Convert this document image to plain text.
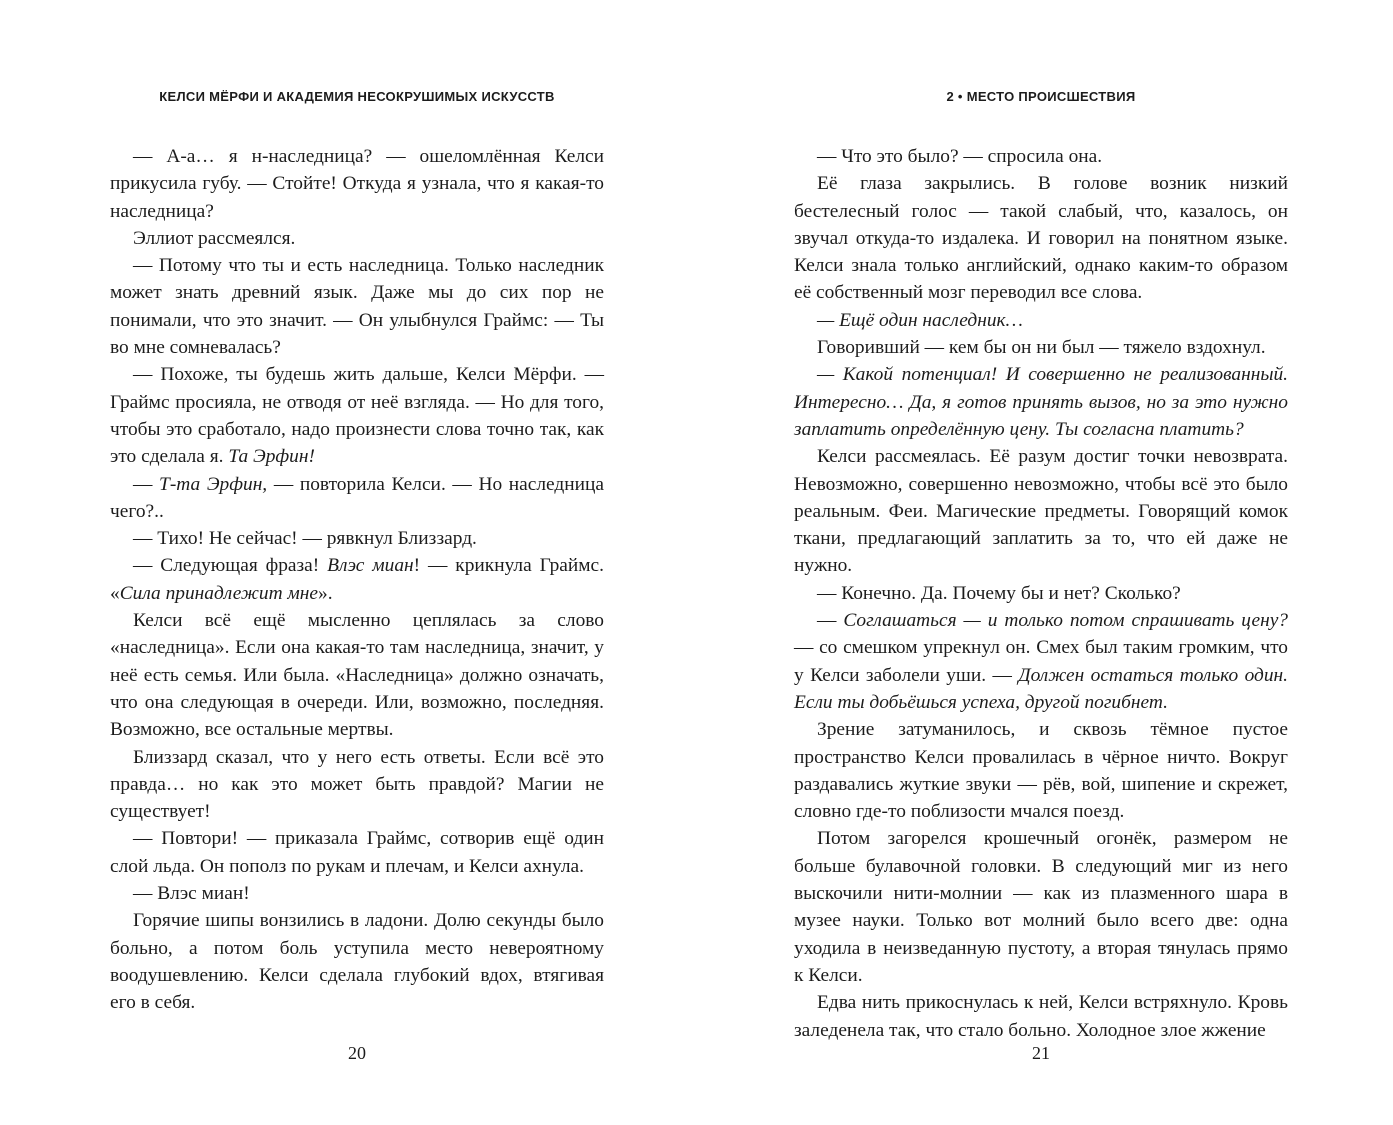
КЕЛСИ МЁРФИ И АКАДЕМИЯ НЕСОКРУШИМЫХ ИСКУССТВ

— А-а… я н-наследница? — ошеломлённая Келси прикусила губу. — Стойте! Откуда я узнала, что я какая-то наследница?

Эллиот рассмеялся.

— Потому что ты и есть наследница. Только наследник может знать древний язык. Даже мы до сих пор не понимали, что это значит. — Он улыбнулся Граймс: — Ты во мне сомневалась?

— Похоже, ты будешь жить дальше, Келси Мёрфи. — Граймс просияла, не отводя от неё взгляда. — Но для того, чтобы это сработало, надо произнести слова точно так, как это сделала я. Та Эрфин!

— Т-та Эрфин, — повторила Келси. — Но наследница чего?..

— Тихо! Не сейчас! — рявкнул Близзард.

— Следующая фраза! Влэс миан! — крикнула Граймс. «Сила принадлежит мне».

Келси всё ещё мысленно цеплялась за слово «наследница». Если она какая-то там наследница, значит, у неё есть семья. Или была. «Наследница» должно означать, что она следующая в очереди. Или, возможно, последняя. Возможно, все остальные мертвы.

Близзард сказал, что у него есть ответы. Если всё это правда… но как это может быть правдой? Магии не существует!

— Повтори! — приказала Граймс, сотворив ещё один слой льда. Он пополз по рукам и плечам, и Келси ахнула.

— Влэс миан!

Горячие шипы вонзились в ладони. Долю секунды было больно, а потом боль уступила место невероятному воодушевлению. Келси сделала глубокий вдох, втягивая его в себя.

20
2 • МЕСТО ПРОИСШЕСТВИЯ

— Что это было? — спросила она.

Её глаза закрылись. В голове возник низкий бестелесный голос — такой слабый, что, казалось, он звучал откуда-то издалека. И говорил на понятном языке. Келси знала только английский, однако каким-то образом её собственный мозг переводил все слова.

— Ещё один наследник…

Говоривший — кем бы он ни был — тяжело вздохнул.

— Какой потенциал! И совершенно не реализованный. Интересно… Да, я готов принять вызов, но за это нужно заплатить определённую цену. Ты согласна платить?

Келси рассмеялась. Её разум достиг точки невозврата. Невозможно, совершенно невозможно, чтобы всё это было реальным. Феи. Магические предметы. Говорящий комок ткани, предлагающий заплатить за то, что ей даже не нужно.

— Конечно. Да. Почему бы и нет? Сколько?

— Соглашаться — и только потом спрашивать цену? — со смешком упрекнул он. Смех был таким громким, что у Келси заболели уши. — Должен остаться только один. Если ты добьёшься успеха, другой погибнет.

Зрение затуманилось, и сквозь тёмное пустое пространство Келси провалилась в чёрное ничто. Вокруг раздавались жуткие звуки — рёв, вой, шипение и скрежет, словно где-то поблизости мчался поезд.

Потом загорелся крошечный огонёк, размером не больше булавочной головки. В следующий миг из него выскочили нити-молнии — как из плазменного шара в музее науки. Только вот молний было всего две: одна уходила в неизведанную пустоту, а вторая тянулась прямо к Келси.

Едва нить прикоснулась к ней, Келси встряхнуло. Кровь заледенела так, что стало больно. Холодное злое жжение

21
